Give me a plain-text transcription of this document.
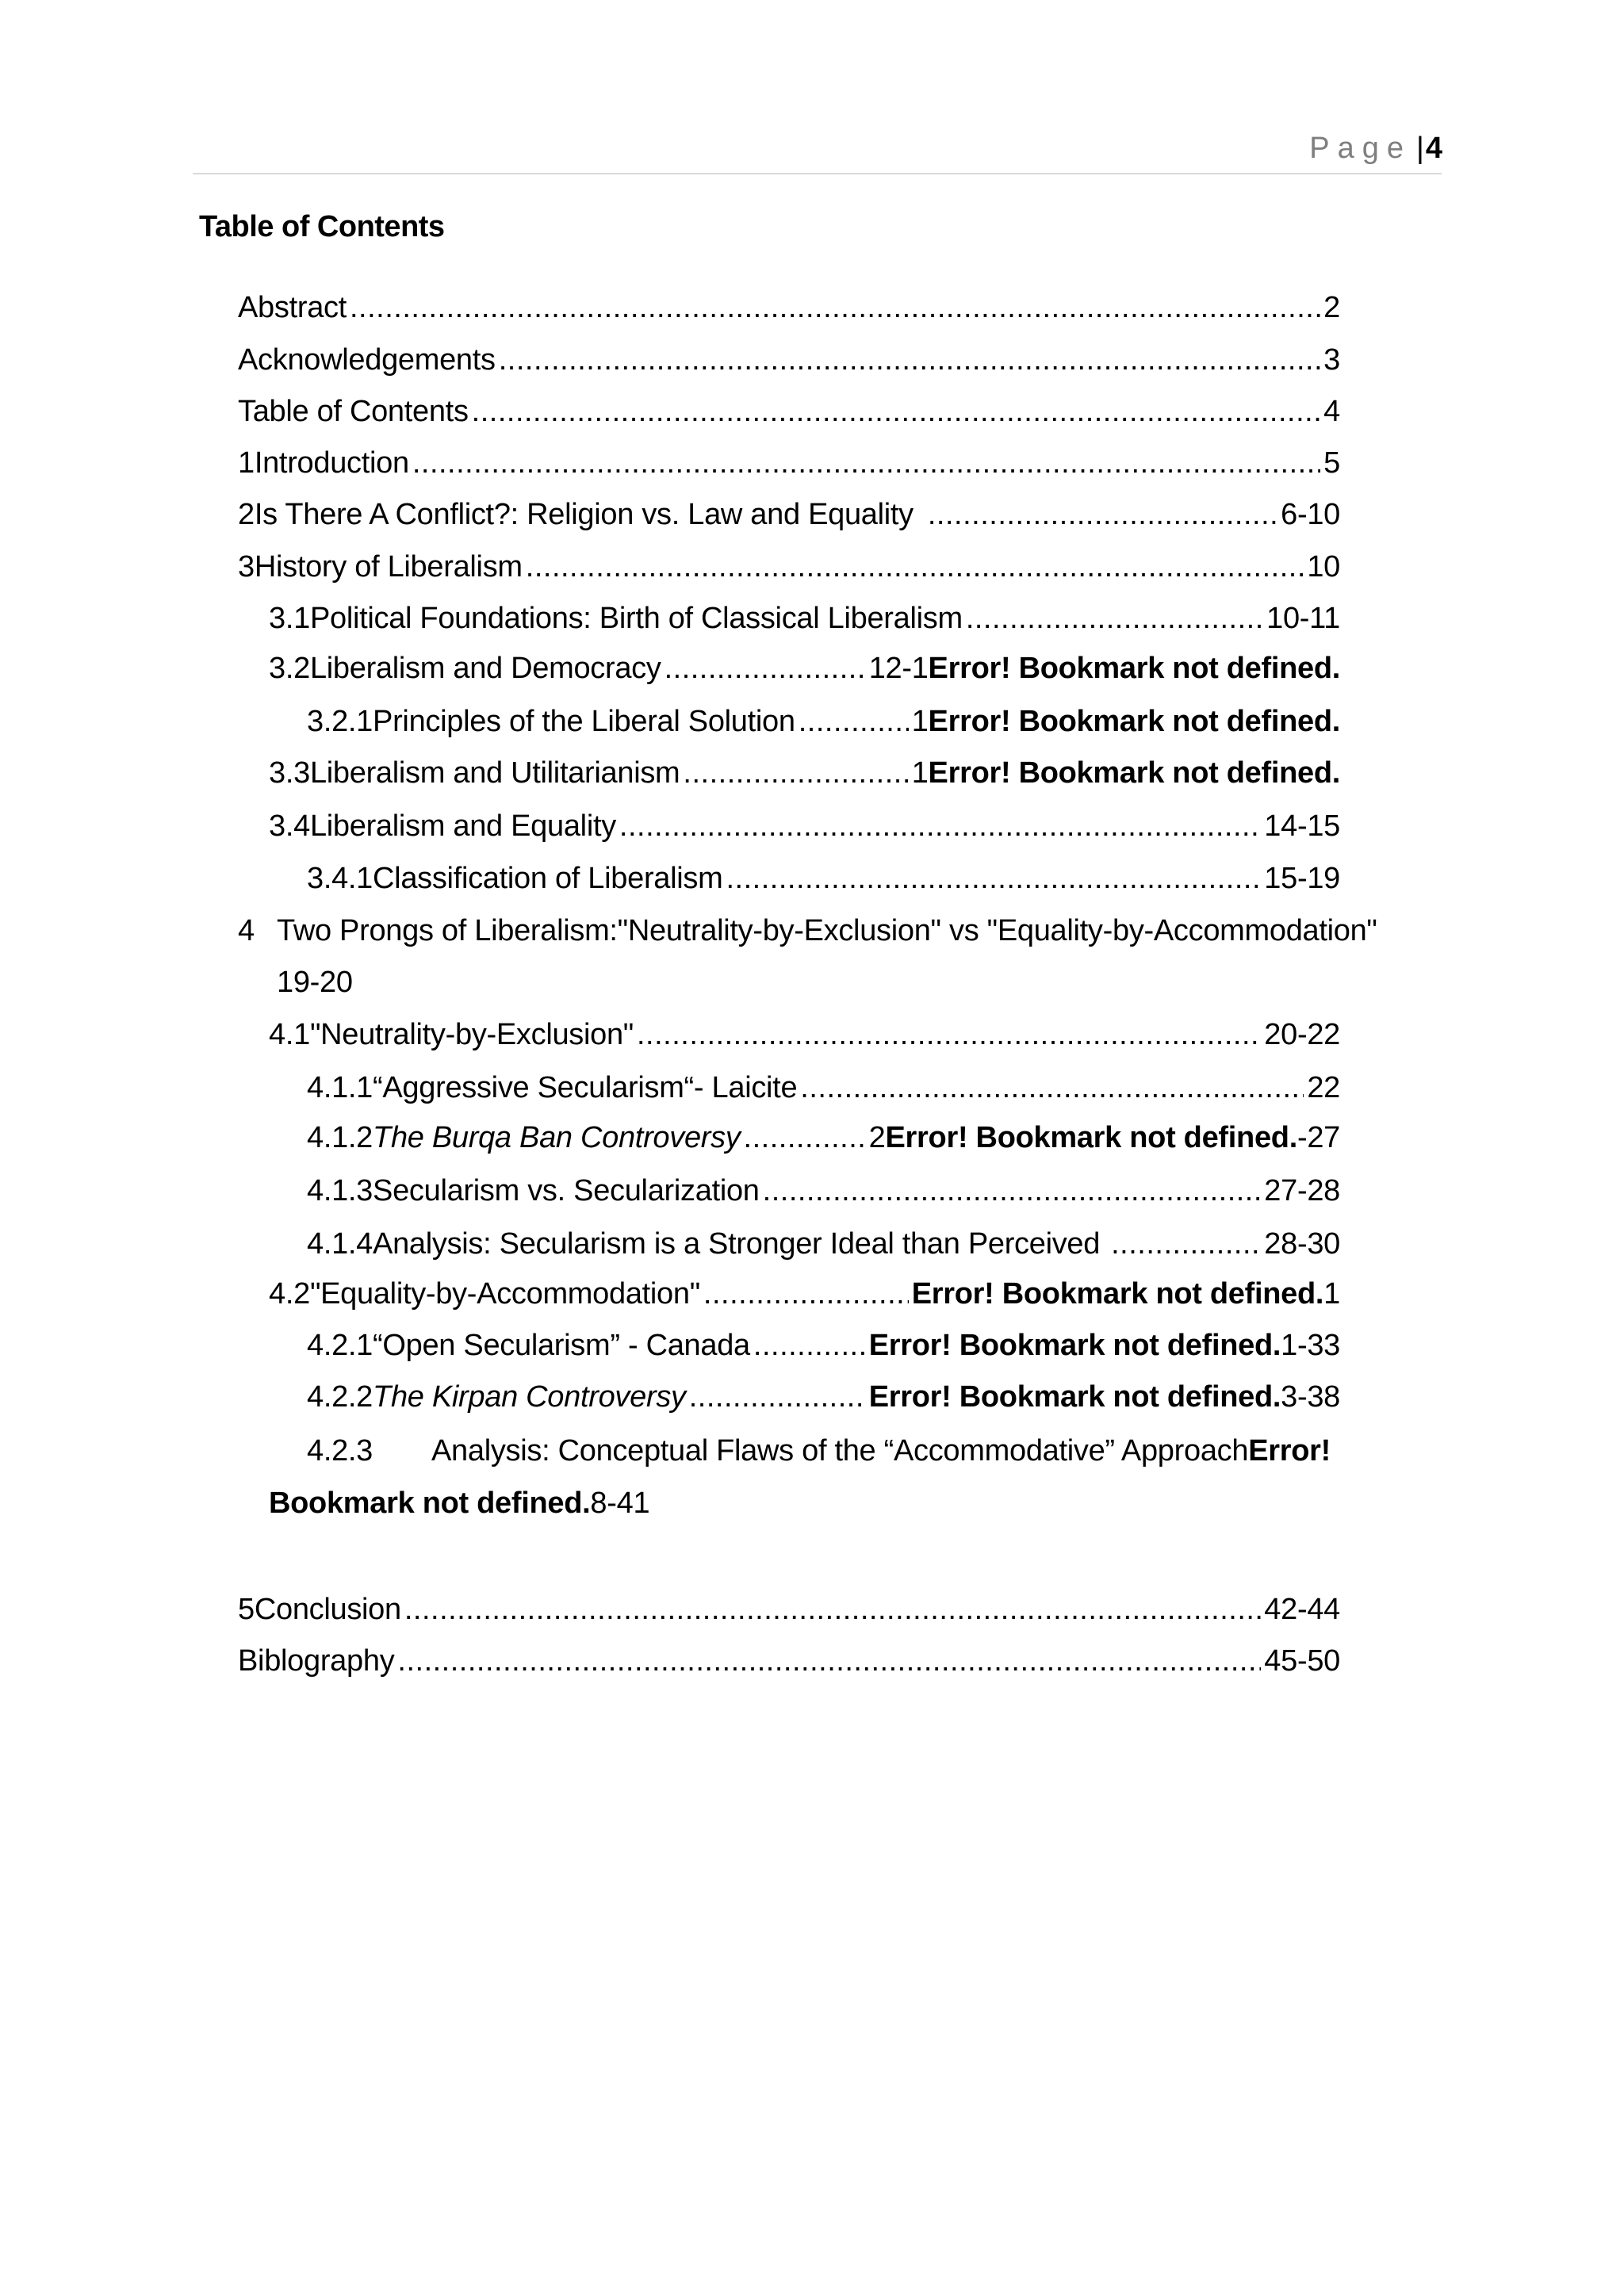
Page |4
Table of Contents
Abstract .....	2
Acknowledgements .....	3
Table of Contents .....	4
1 Introduction .....	5
2 Is There A Conflict?: Religion vs. Law and Equality .....	6-10
3 History of Liberalism .....	10
3.1 Political Foundations: Birth of Classical Liberalism .....	10-11
3.2 Liberalism and Democracy .....	12-1Error! Bookmark not defined.
3.2.1 Principles of the Liberal Solution .....	1Error! Bookmark not defined.
3.3 Liberalism and Utilitarianism .....	1Error! Bookmark not defined.
3.4 Liberalism and Equality .....	14-15
3.4.1 Classification of Liberalism .....	15-19
4 Two Prongs of Liberalism:"Neutrality-by-Exclusion" vs "Equality-by-Accommodation"
19-20
4.1 "Neutrality-by-Exclusion" .....	20-22
4.1.1 “Aggressive Secularism“- Laicite .....	22
4.1.2 The Burqa Ban Controversy .....	2Error! Bookmark not defined.-27
4.1.3 Secularism vs. Secularization .....	27-28
4.1.4 Analysis: Secularism is a Stronger Ideal than Perceived .....	28-30
4.2 "Equality-by-Accommodation" .....	Error! Bookmark not defined.1
4.2.1 “Open Secularism” - Canada .....	Error! Bookmark not defined.1-33
4.2.2 The Kirpan Controversy .....	Error! Bookmark not defined.3-38
4.2.3 Analysis: Conceptual Flaws of the “Accommodative” ApproachError!
Bookmark not defined.8-41
5 Conclusion .....	42-44
Biblography .....	45-50
